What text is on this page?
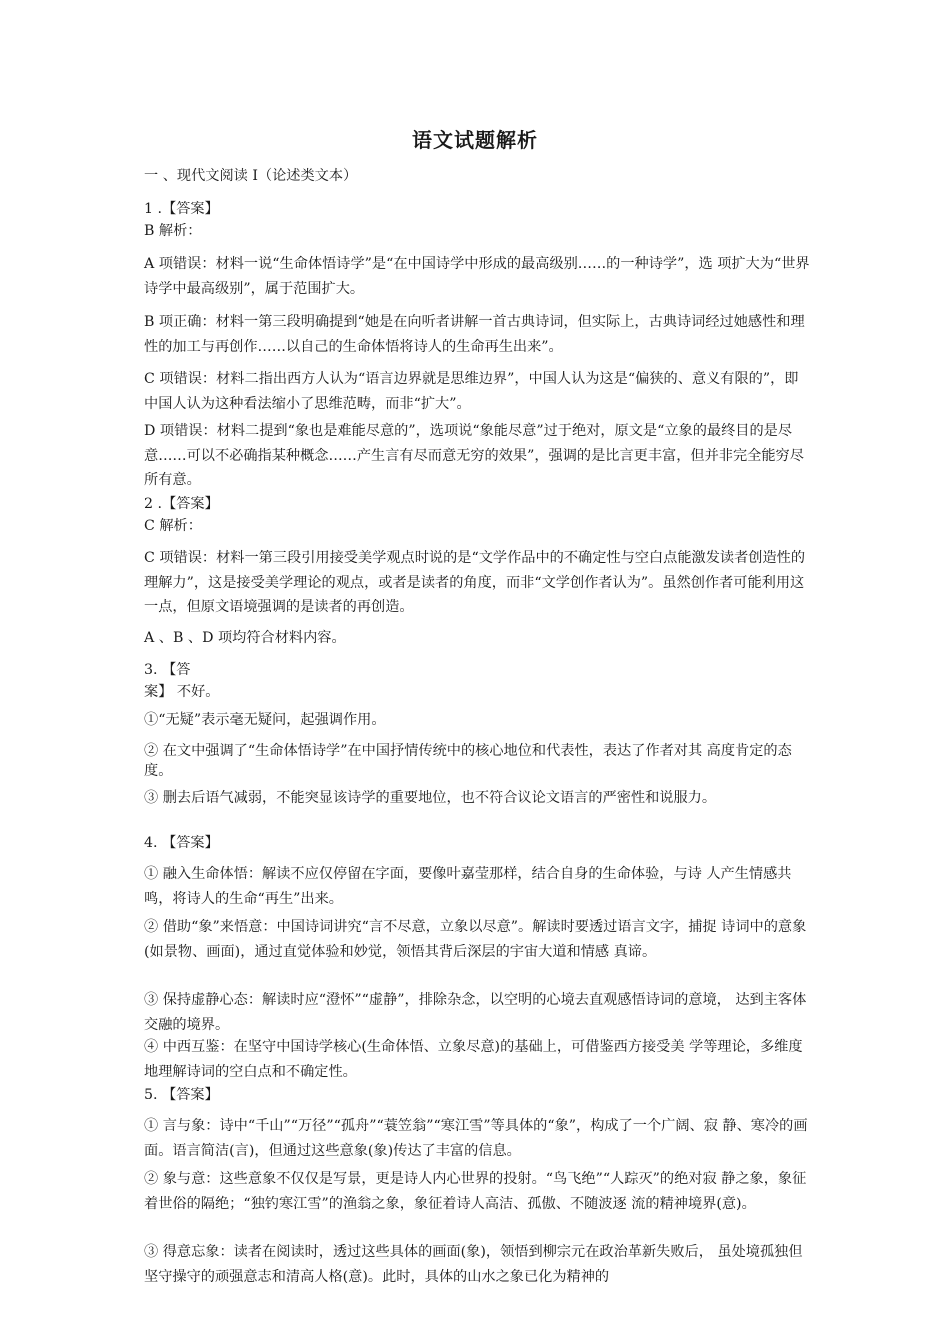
语文试题解析
一 、现代文阅读 I（论述类文本）
1 .【答案】
B 解析：
A 项错误：材料一说“生命体悟诗学”是“在中国诗学中形成的最高级别……的一种诗学”，选 项扩大为“世界诗学中最高级别”，属于范围扩大。
B 项正确：材料一第三段明确提到“她是在向听者讲解一首古典诗词，但实际上，古典诗词经过她感性和理性的加工与再创作……以自己的生命体悟将诗人的生命再生出来”。
C 项错误：材料二指出西方人认为“语言边界就是思维边界”，中国人认为这是“偏狭的、意义有限的”，即中国人认为这种看法缩小了思维范畴，而非“扩大”。
D 项错误：材料二提到“象也是难能尽意的”，选项说“象能尽意”过于绝对，原文是“立象的最终目的是尽意……可以不必确指某种概念……产生言有尽而意无穷的效果”，强调的是比言更丰富，但并非完全能穷尽所有意。
2 .【答案】
C 解析：
C 项错误：材料一第三段引用接受美学观点时说的是“文学作品中的不确定性与空白点能激发读者创造性的理解力”，这是接受美学理论的观点，或者是读者的角度，而非“文学创作者认为”。虽然创作者可能利用这一点，但原文语境强调的是读者的再创造。
A 、B 、D 项均符合材料内容。
3. 【答
案】 不好。
①“无疑”表示毫无疑问，起强调作用。
② 在文中强调了“生命体悟诗学”在中国抒情传统中的核心地位和代表性，表达了作者对其 高度肯定的态度。
③ 删去后语气减弱，不能突显该诗学的重要地位，也不符合议论文语言的严密性和说服力。
4. 【答案】
① 融入生命体悟：解读不应仅停留在字面，要像叶嘉莹那样，结合自身的生命体验，与诗 人产生情感共鸣，将诗人的生命“再生”出来。
② 借助“象”来悟意：中国诗词讲究“言不尽意，立象以尽意”。解读时要透过语言文字，捕捉 诗词中的意象(如景物、画面)，通过直觉体验和妙觉，领悟其背后深层的宇宙大道和情感 真谛。
③ 保持虚静心态：解读时应“澄怀”“虚静”，排除杂念，以空明的心境去直观感悟诗词的意境， 达到主客体交融的境界。
④ 中西互鉴：在坚守中国诗学核心(生命体悟、立象尽意)的基础上，可借鉴西方接受美 学等理论，多维度地理解诗词的空白点和不确定性。
5. 【答案】
① 言与象：诗中“千山”“万径”“孤舟”“蓑笠翁”“寒江雪”等具体的“象”，构成了一个广阔、寂 静、寒冷的画面。语言简洁(言)，但通过这些意象(象)传达了丰富的信息。
② 象与意：这些意象不仅仅是写景，更是诗人内心世界的投射。“鸟飞绝”“人踪灭”的绝对寂 静之象，象征着世俗的隔绝；“独钓寒江雪”的渔翁之象，象征着诗人高洁、孤傲、不随波逐 流的精神境界(意)。
③ 得意忘象：读者在阅读时，透过这些具体的画面(象)，领悟到柳宗元在政治革新失败后， 虽处境孤独但坚守操守的顽强意志和清高人格(意)。此时，具体的山水之象已化为精神的
